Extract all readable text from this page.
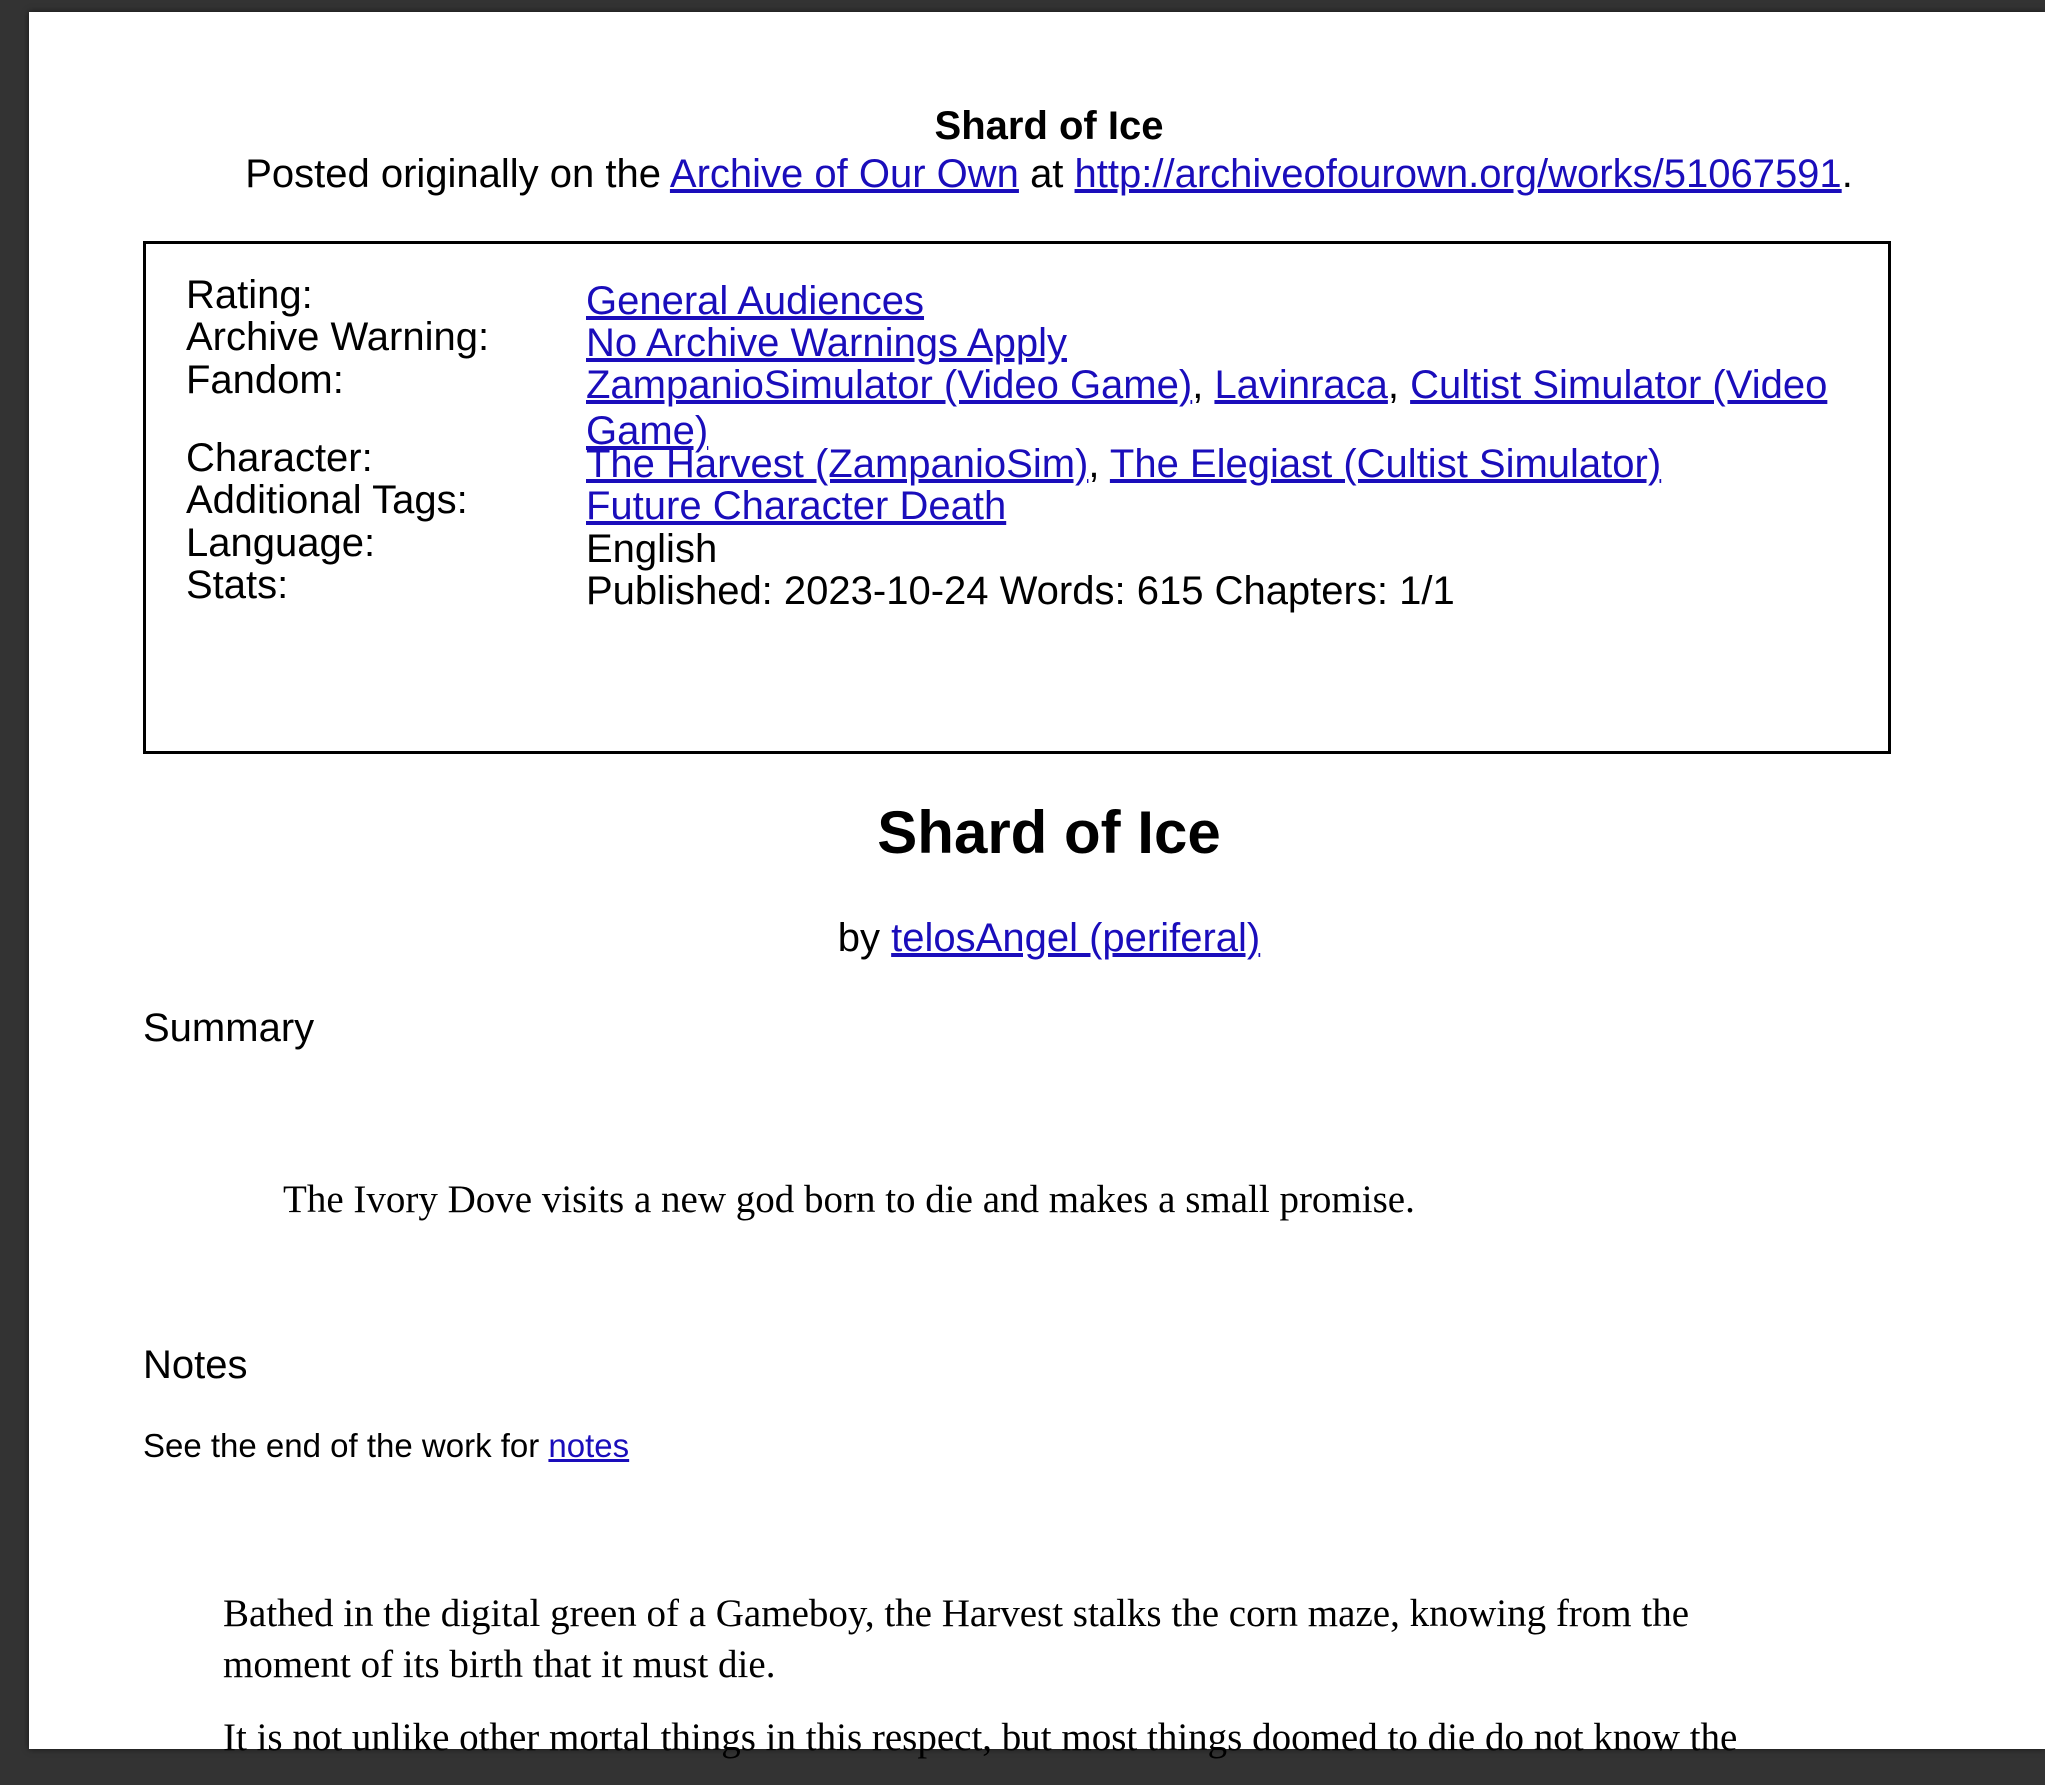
Shard of Ice
Posted originally on the Archive of Our Own at http://archiveofourown.org/works/51067591.
Rating:	General Audiences
Archive Warning: No Archive Warnings Apply
Fandom:	ZampanioSimulator (Video Game), Lavinraca, Cultist Simulator (Video Game)
Character:	The Harvest (ZampanioSim), The Elegiast (Cultist Simulator)
Additional Tags:	Future Character Death
Language:	English
Stats:	Published: 2023-10-24 Words: 615 Chapters: 1/1
Shard of Ice
by telosAngel (periferal)
Summary
The Ivory Dove visits a new god born to die and makes a small promise.
Notes
See the end of the work for notes

Bathed in the digital green of a Gameboy, the Harvest stalks the corn maze, knowing from the moment of its birth that it must die.

It is not unlike other mortal things in this respect, but most things doomed to die do not know the
